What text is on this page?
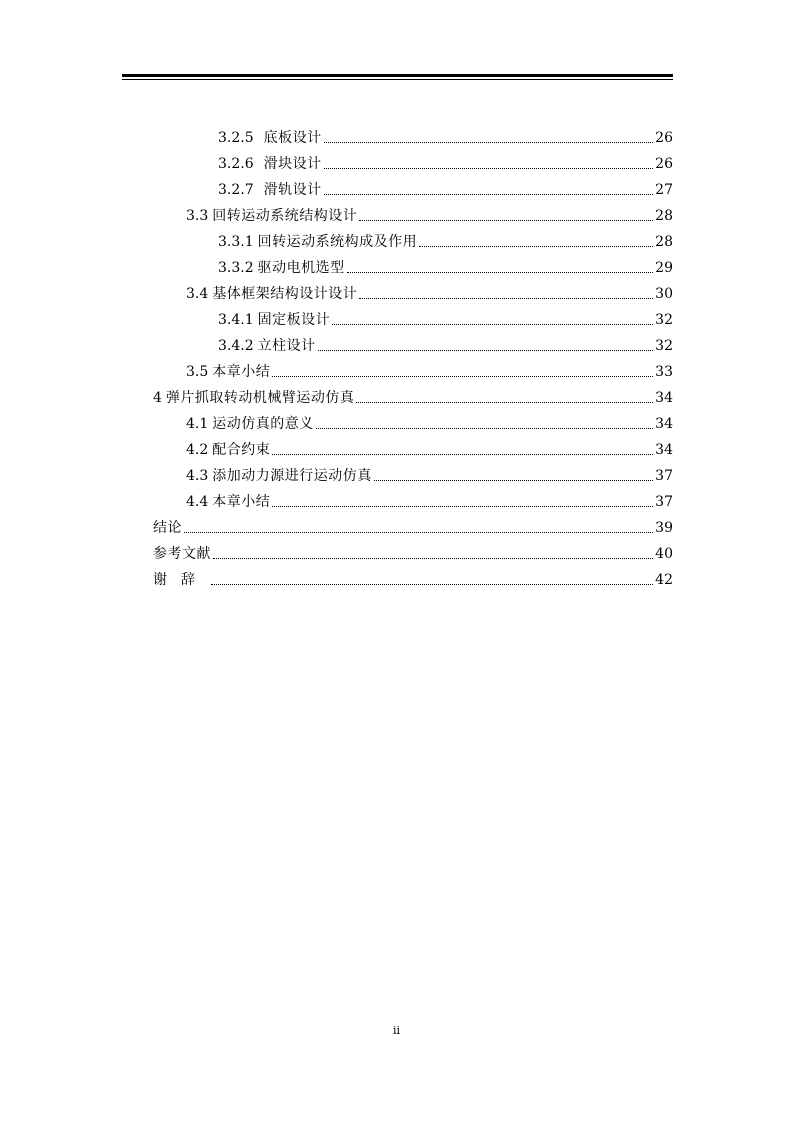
3.2.5 底板设计	26
3.2.6 滑块设计	26
3.2.7 滑轨设计	27
3.3 回转运动系统结构设计	28
3.3.1 回转运动系统构成及作用	28
3.3.2 驱动电机选型	29
3.4 基体框架结构设计设计	30
3.4.1 固定板设计	32
3.4.2 立柱设计	32
3.5 本章小结	33
4 弹片抓取转动机械臂运动仿真	34
4.1 运动仿真的意义	34
4.2 配合约束	34
4.3 添加动力源进行运动仿真	37
4.4 本章小结	37
结论	39
参考文献	40
谢辞	42
ii
